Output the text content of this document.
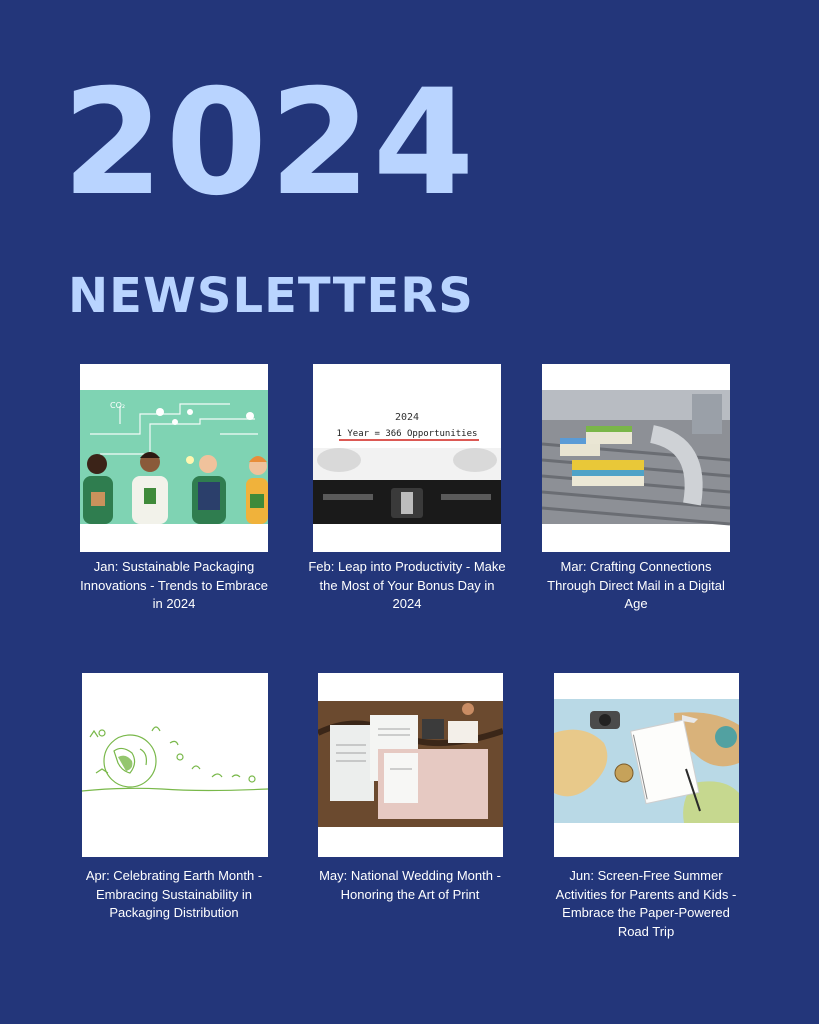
2024
NEWSLETTERS
CO₂
Jan: Sustainable Packaging Innovations - Trends to Embrace in 2024
2024
1 Year = 366 Opportunities
Feb: Leap into Productivity - Make the Most of Your Bonus Day in 2024
Mar: Crafting Connections Through Direct Mail in a Digital Age
Apr: Celebrating Earth Month -Embracing Sustainability in Packaging Distribution
May: National Wedding Month - Honoring the Art of Print
Jun: Screen-Free Summer Activities for Parents and Kids - Embrace the Paper-Powered Road Trip
